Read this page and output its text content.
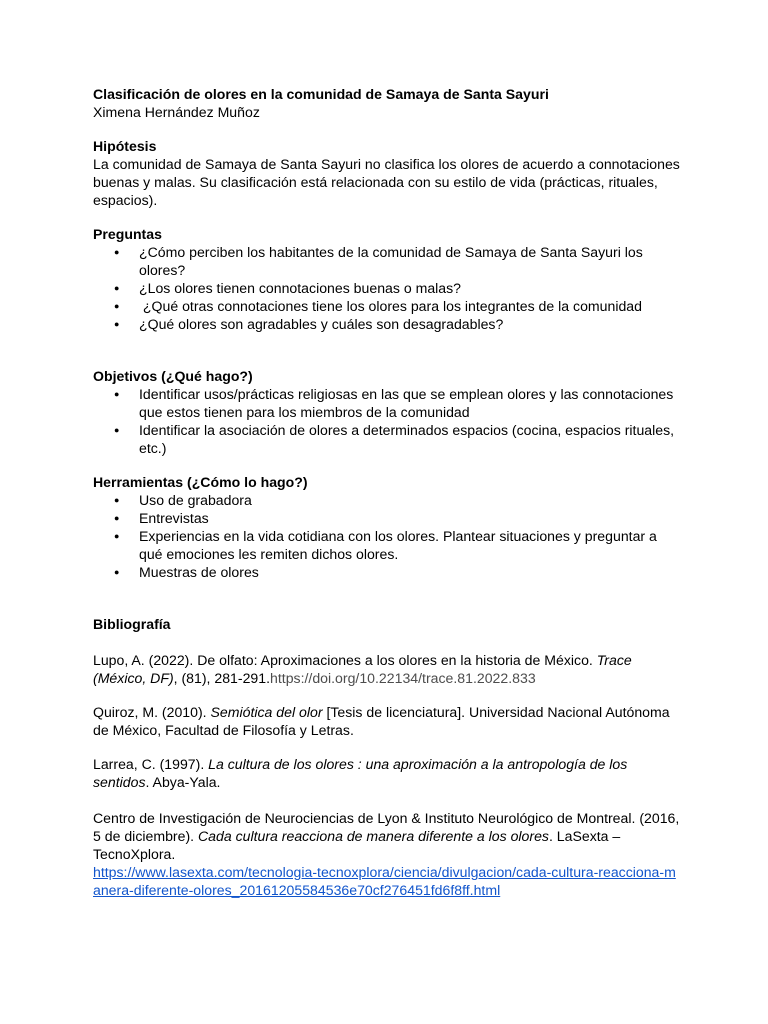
Clasificación de olores en la comunidad de Samaya de Santa Sayuri

Ximena Hernández Muñoz

Hipótesis

La comunidad de Samaya de Santa Sayuri no clasifica los olores de acuerdo a connotaciones buenas y malas. Su clasificación está relacionada con su estilo de vida (prácticas, rituales, espacios).

Preguntas

● ¿Cómo perciben los habitantes de la comunidad de Samaya de Santa Sayuri los olores?
● ¿Los olores tienen connotaciones buenas o malas?
●  ¿Qué otras connotaciones tiene los olores para los integrantes de la comunidad
● ¿Qué olores son agradables y cuáles son desagradables?

Objetivos (¿Qué hago?)

● Identificar usos/prácticas religiosas en las que se emplean olores y las connotaciones que estos tienen para los miembros de la comunidad
● Identificar la asociación de olores a determinados espacios (cocina, espacios rituales, etc.)

Herramientas (¿Cómo lo hago?)

● Uso de grabadora
● Entrevistas
● Experiencias en la vida cotidiana con los olores. Plantear situaciones y preguntar a qué emociones les remiten dichos olores.
● Muestras de olores

Bibliografía

Lupo, A. (2022). De olfato: Aproximaciones a los olores en la historia de México. Trace (México, DF), (81), 281-291.https://doi.org/10.22134/trace.81.2022.833

Quiroz, M. (2010). Semiótica del olor [Tesis de licenciatura]. Universidad Nacional Autónoma de México, Facultad de Filosofía y Letras.

Larrea, C. (1997). La cultura de los olores : una aproximación a la antropología de los sentidos. Abya-Yala.

Centro de Investigación de Neurociencias de Lyon & Instituto Neurológico de Montreal. (2016, 5 de diciembre). Cada cultura reacciona de manera diferente a los olores. LaSexta – TecnoXplora.
https://www.lasexta.com/tecnologia-tecnoxplora/ciencia/divulgacion/cada-cultura-reacciona-manera-diferente-olores_20161205584536e70cf276451fd6f8ff.html
